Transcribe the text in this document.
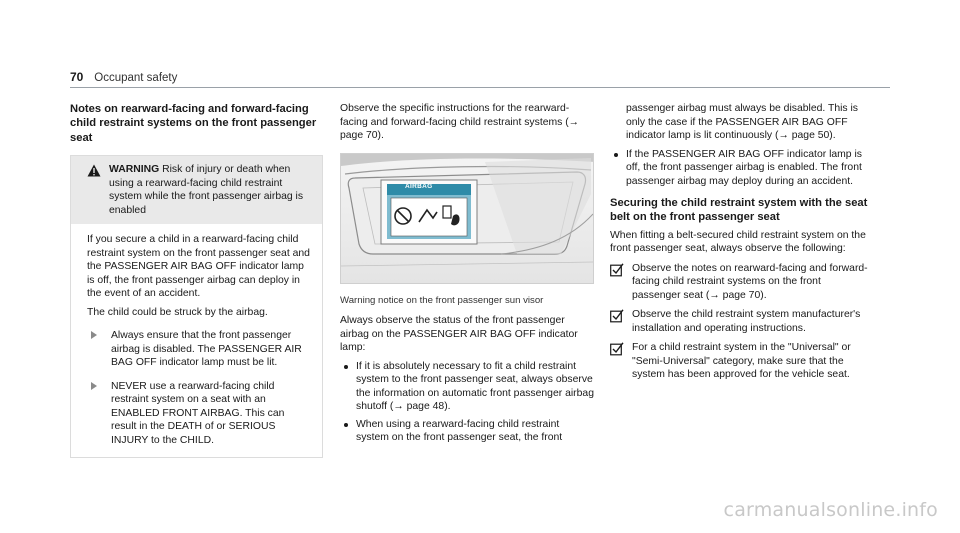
70 Occupant safety
Notes on rearward-facing and forward-facing child restraint systems on the front passenger seat
WARNING Risk of injury or death when using a rearward-facing child restraint system while the front passenger airbag is enabled

If you secure a child in a rearward-facing child restraint system on the front passenger seat and the PASSENGER AIR BAG OFF indicator lamp is off, the front passenger airbag can deploy in the event of an accident.

The child could be struck by the airbag.

Always ensure that the front passenger airbag is disabled. The PASSENGER AIR BAG OFF indicator lamp must be lit.
NEVER use a rearward-facing child restraint system on a seat with an ENABLED FRONT AIRBAG. This can result in the DEATH of or SERIOUS INJURY to the CHILD.

Observe the specific instructions for the rearward-facing and forward-facing child restraint systems (→ page 70).

AIRBAG

Warning notice on the front passenger sun visor

Always observe the status of the front passenger airbag on the PASSENGER AIR BAG OFF indicator lamp:

If it is absolutely necessary to fit a child restraint system to the front passenger seat, always observe the information on automatic front passenger airbag shutoff (→ page 48).
When using a rearward-facing child restraint system on the front passenger seat, the front

passenger airbag must always be disabled. This is only the case if the PASSENGER AIR BAG OFF indicator lamp is lit continuously (→ page 50).

If the PASSENGER AIR BAG OFF indicator lamp is off, the front passenger airbag is enabled. The front passenger airbag may deploy during an accident.
Securing the child restraint system with the seat belt on the front passenger seat

When fitting a belt-secured child restraint system on the front passenger seat, always observe the following:

Observe the notes on rearward-facing and forward-facing child restraint systems on the front passenger seat (→ page 70).
Observe the child restraint system manufacturer's installation and operating instructions.
For a child restraint system in the "Universal" or "Semi-Universal" category, make sure that the system has been approved for the vehicle seat.
carmanualsonline.info
